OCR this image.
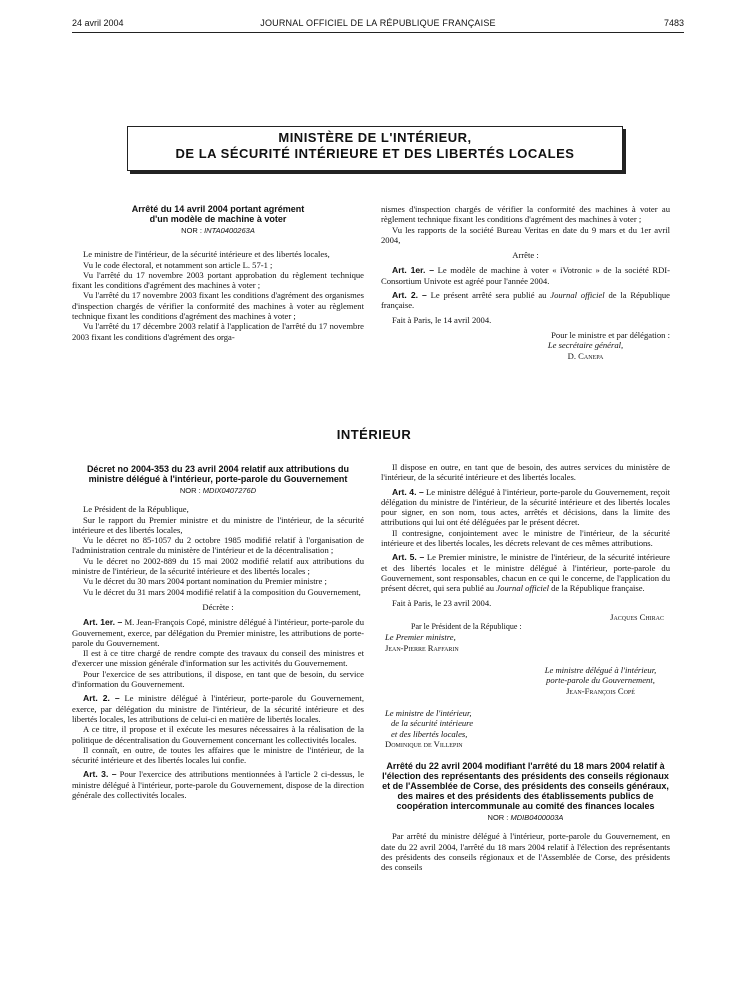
24 avril 2004	JOURNAL OFFICIEL DE LA RÉPUBLIQUE FRANÇAISE	7483
MINISTÈRE DE L'INTÉRIEUR,
DE LA SÉCURITÉ INTÉRIEURE ET DES LIBERTÉS LOCALES

Arrêté du 14 avril 2004 portant agrément

d'un modèle de machine à voter

NOR : INTA0400263A

Le ministre de l'intérieur, de la sécurité intérieure et des libertés locales,

Vu le code électoral, et notamment son article L. 57-1 ;

Vu l'arrêté du 17 novembre 2003 portant approbation du règlement technique fixant les conditions d'agrément des machines à voter ;

Vu l'arrêté du 17 novembre 2003 fixant les conditions d'agrément des organismes d'inspection chargés de vérifier la conformité des machines à voter au règlement technique fixant les conditions d'agrément des machines à voter ;

Vu l'arrêté du 17 décembre 2003 relatif à l'application de l'arrêté du 17 novembre 2003 fixant les conditions d'agrément des orga-

nismes d'inspection chargés de vérifier la conformité des machines à voter au règlement technique fixant les conditions d'agrément des machines à voter ;

Vu les rapports de la société Bureau Veritas en date du 9 mars et du 1er avril 2004,

Arrête :

Art. 1er. – Le modèle de machine à voter « iVotronic » de la société RDI-Consortium Univote est agréé pour l'année 2004.

Art. 2. – Le présent arrêté sera publié au Journal officiel de la République française.

Fait à Paris, le 14 avril 2004.

Pour le ministre et par délégation :

Le secrétaire général,

D. Canepa

INTÉRIEUR

Décret no 2004-353 du 23 avril 2004 relatif aux attributions du ministre délégué à l'intérieur, porte-parole du Gouvernement

NOR : MDIX0407276D

Le Président de la République,

Sur le rapport du Premier ministre et du ministre de l'intérieur, de la sécurité intérieure et des libertés locales,

Vu le décret no 85-1057 du 2 octobre 1985 modifié relatif à l'organisation de l'administration centrale du ministère de l'intérieur et de la décentralisation ;

Vu le décret no 2002-889 du 15 mai 2002 modifié relatif aux attributions du ministre de l'intérieur, de la sécurité intérieure et des libertés locales ;

Vu le décret du 30 mars 2004 portant nomination du Premier ministre ;

Vu le décret du 31 mars 2004 modifié relatif à la composition du Gouvernement,

Décrète :

Art. 1er. – M. Jean-François Copé, ministre délégué à l'intérieur, porte-parole du Gouvernement, exerce, par délégation du Premier ministre, les attributions de porte-parole du Gouvernement.

Il est à ce titre chargé de rendre compte des travaux du conseil des ministres et d'exercer une mission générale d'information sur les activités du Gouvernement.

Pour l'exercice de ses attributions, il dispose, en tant que de besoin, du service d'information du Gouvernement.

Art. 2. – Le ministre délégué à l'intérieur, porte-parole du Gouvernement, exerce, par délégation du ministre de l'intérieur, de la sécurité intérieure et des libertés locales, les attributions de celui-ci en matière de libertés locales.

A ce titre, il propose et il exécute les mesures nécessaires à la réalisation de la politique de décentralisation du Gouvernement concernant les collectivités locales.

Il connaît, en outre, de toutes les affaires que le ministre de l'intérieur, de la sécurité intérieure et des libertés locales lui confie.

Art. 3. – Pour l'exercice des attributions mentionnées à l'article 2 ci-dessus, le ministre délégué à l'intérieur, porte-parole du Gouvernement, dispose de la direction générale des collectivités locales.

Il dispose en outre, en tant que de besoin, des autres services du ministère de l'intérieur, de la sécurité intérieure et des libertés locales.

Art. 4. – Le ministre délégué à l'intérieur, porte-parole du Gouvernement, reçoit délégation du ministre de l'intérieur, de la sécurité intérieure et des libertés locales pour signer, en son nom, tous actes, arrêtés et décisions, dans la limite des attributions qui lui ont été déléguées par le présent décret.

Il contresigne, conjointement avec le ministre de l'intérieur, de la sécurité intérieure et des libertés locales, les décrets relevant de ces mêmes attributions.

Art. 5. – Le Premier ministre, le ministre de l'intérieur, de la sécurité intérieure et des libertés locales et le ministre délégué à l'intérieur, porte-parole du Gouvernement, sont responsables, chacun en ce qui le concerne, de l'application du présent décret, qui sera publié au Journal officiel de la République française.

Fait à Paris, le 23 avril 2004.

Jacques Chirac

Par le Président de la République :

Le Premier ministre,

Jean-Pierre Raffarin

Le ministre délégué à l'intérieur,

porte-parole du Gouvernement,

Jean-François Copé

Le ministre de l'intérieur,

de la sécurité intérieure

et des libertés locales,

Dominique de Villepin

Arrêté du 22 avril 2004 modifiant l'arrêté du 18 mars 2004 relatif à l'élection des représentants des présidents des conseils régionaux et de l'Assemblée de Corse, des présidents des conseils généraux, des maires et des présidents des établissements publics de coopération intercommunale au comité des finances locales

NOR : MDIB0400003A

Par arrêté du ministre délégué à l'intérieur, porte-parole du Gouvernement, en date du 22 avril 2004, l'arrêté du 18 mars 2004 relatif à l'élection des représentants des présidents des conseils régionaux et de l'Assemblée de Corse, des présidents des conseils
